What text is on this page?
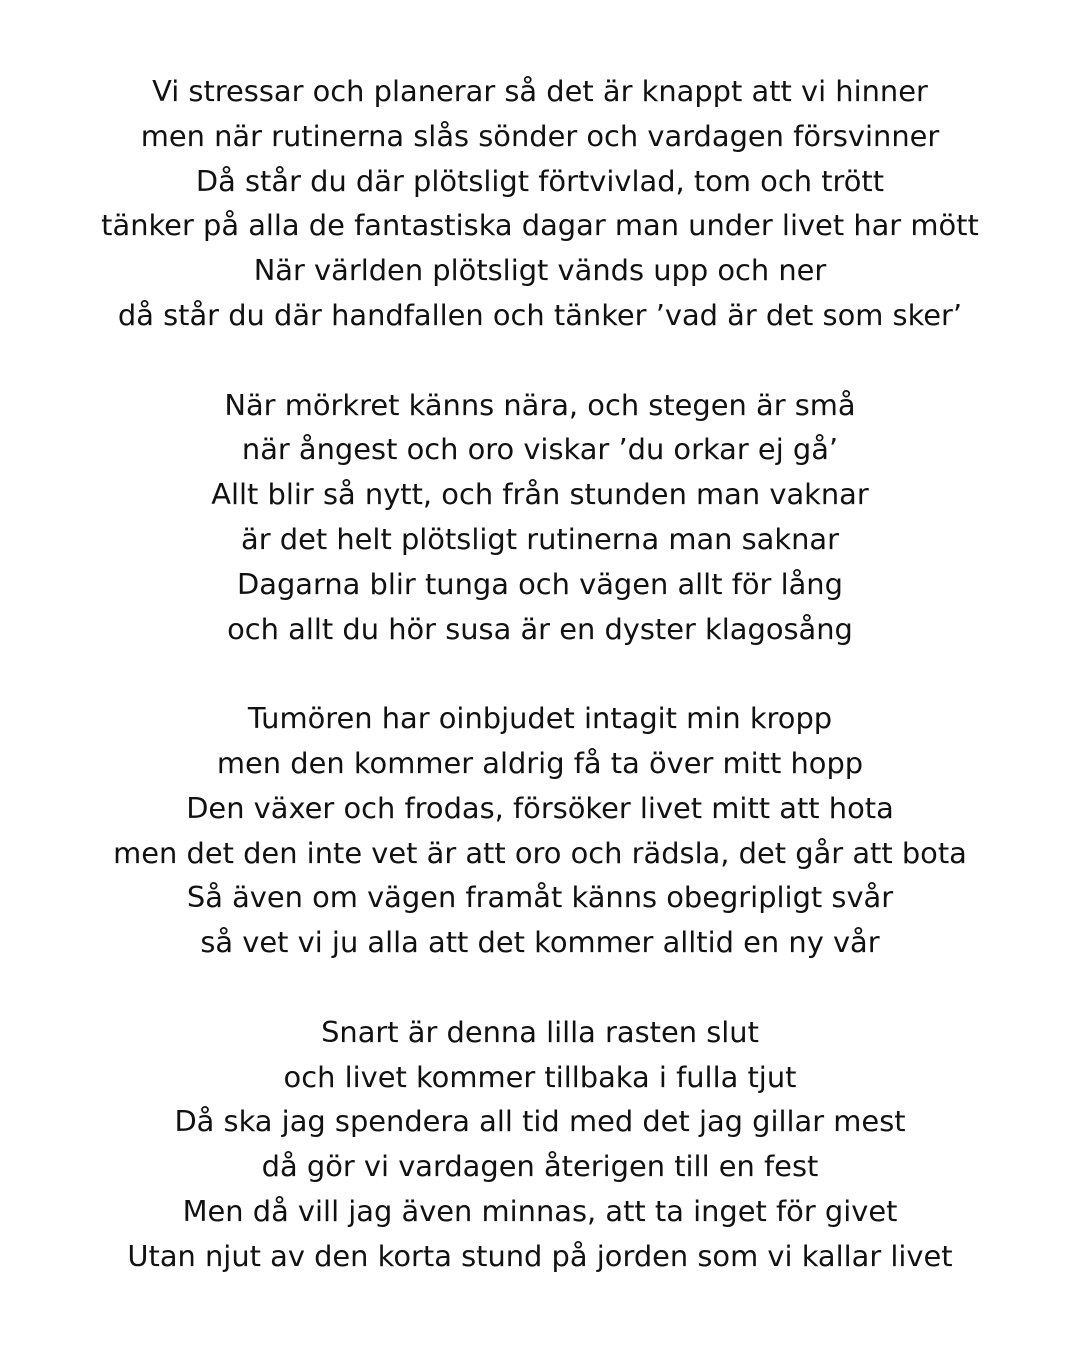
Vi stressar och planerar så det är knappt att vi hinner
men när rutinerna slås sönder och vardagen försvinner
Då står du där plötsligt förtvivlad, tom och trött
tänker på alla de fantastiska dagar man under livet har mött
När världen plötsligt vänds upp och ner
då står du där handfallen och tänker ’vad är det som sker’
När mörkret känns nära, och stegen är små
när ångest och oro viskar ’du orkar ej gå’
Allt blir så nytt, och från stunden man vaknar
är det helt plötsligt rutinerna man saknar
Dagarna blir tunga och vägen allt för lång
och allt du hör susa är en dyster klagosång
Tumören har oinbjudet intagit min kropp
men den kommer aldrig få ta över mitt hopp
Den växer och frodas, försöker livet mitt att hota
men det den inte vet är att oro och rädsla, det går att bota
Så även om vägen framåt känns obegripligt svår
så vet vi ju alla att det kommer alltid en ny vår
Snart är denna lilla rasten slut
och livet kommer tillbaka i fulla tjut
Då ska jag spendera all tid med det jag gillar mest
då gör vi vardagen återigen till en fest
Men då vill jag även minnas, att ta inget för givet
Utan njut av den korta stund på jorden som vi kallar livet
